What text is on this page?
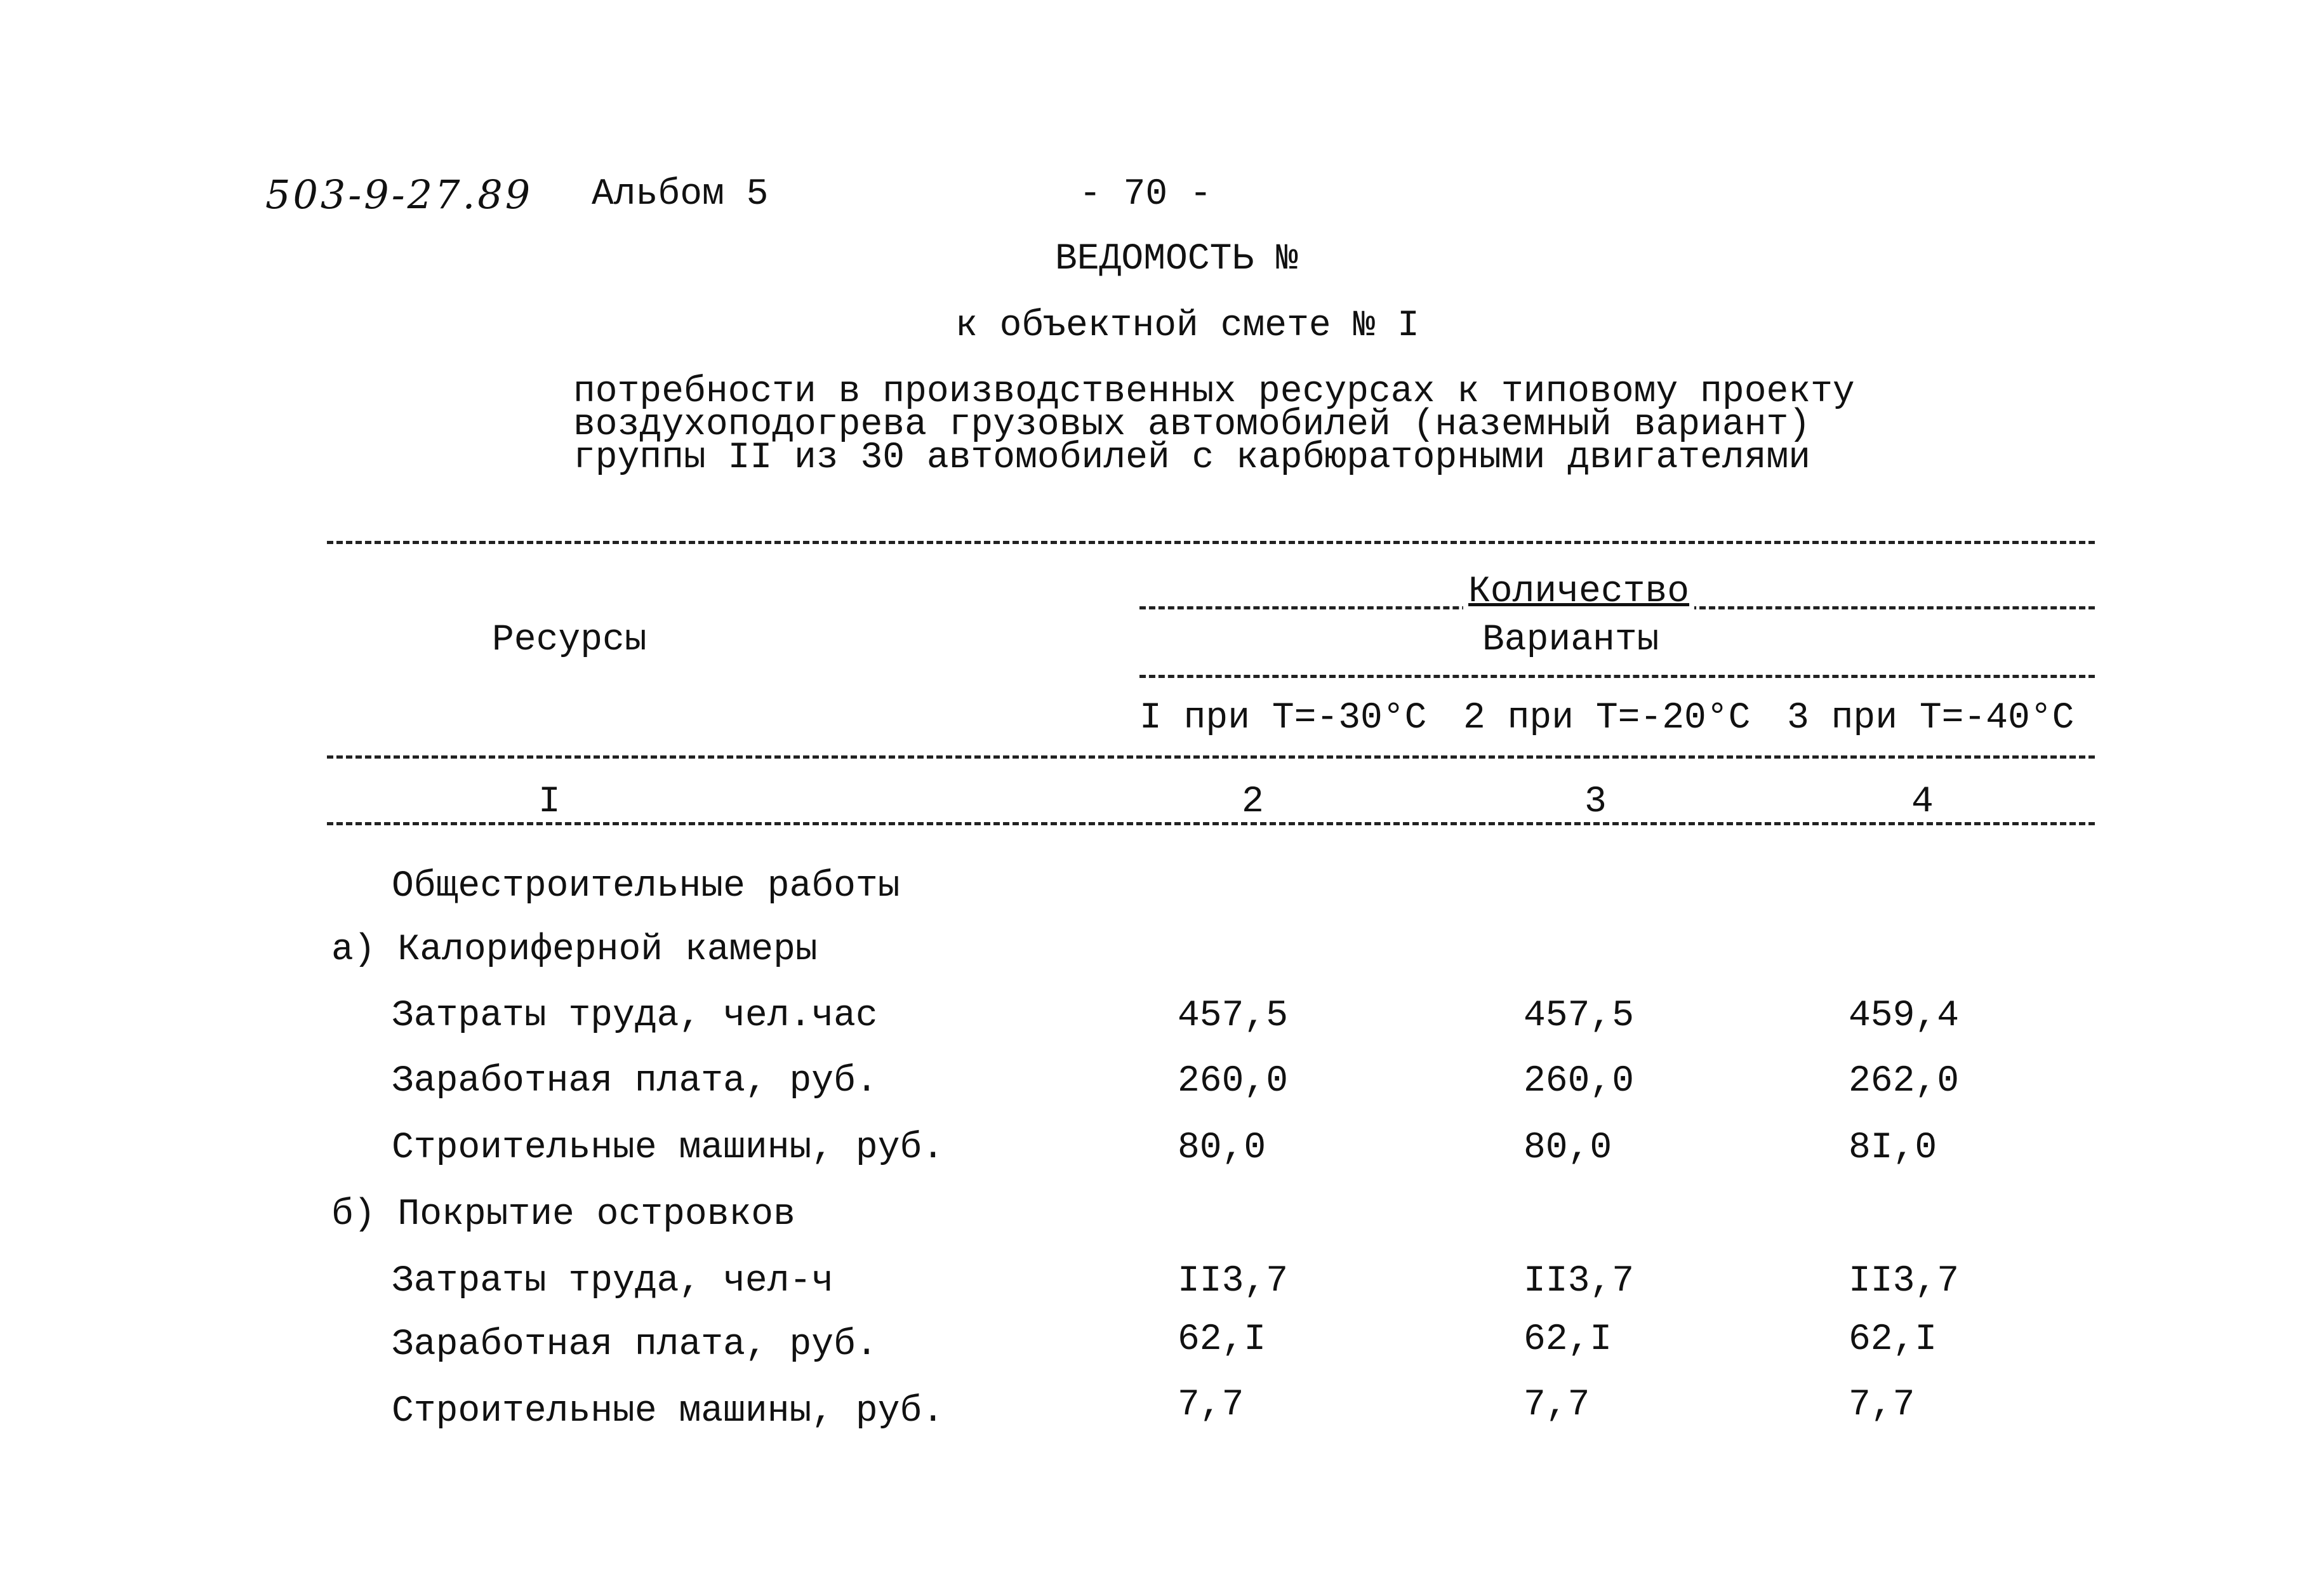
503-9-27.89 Альбом 5	- 70 -
ВЕДОМОСТЬ №
к объектной смете № I
потребности в производственных ресурсах к типовому проекту
воздухоподогрева грузовых автомобилей (наземный вариант)
группы II из 30 автомобилей с карбюраторными двигателями
Ресурсы
Количество
Варианты
I при T=-30°C 2 при T=-20°C 3 при T=-40°C
I	2	3	4
Общестроительные работы
а) Калориферной камеры
Затраты труда, чел.час	457,5	457,5	459,4
Заработная плата, руб.	260,0	260,0	262,0
Строительные машины, руб.	80,0	80,0	8I,0
б) Покрытие островков
Затраты труда, чел-ч	II3,7	II3,7	II3,7
Заработная плата, руб.	62,I	62,I	62,I
Строительные машины, руб.	7,7	7,7	7,7
